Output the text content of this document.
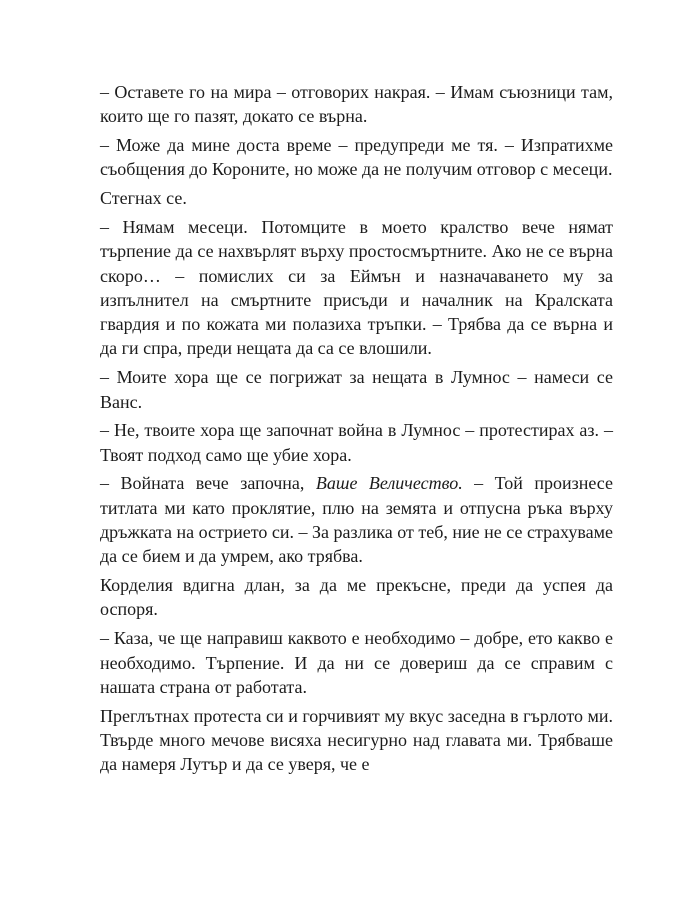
– Оставете го на мира – отговорих накрая. – Имам съюзници там, които ще го пазят, докато се върна.

– Може да мине доста време – предупреди ме тя. – Изпратихме съобщения до Короните, но може да не получим отговор с месеци.

Стегнах се.

– Нямам месеци. Потомците в моето кралство вече нямат търпение да се нахвърлят върху простосмъртните. Ако не се върна скоро… – помислих си за Еймън и назначаването му за изпълнител на смъртните присъди и началник на Кралската гвардия и по кожата ми полазиха тръпки. – Трябва да се върна и да ги спра, преди нещата да са се влошили.

– Моите хора ще се погрижат за нещата в Лумнос – намеси се Ванс.

– Не, твоите хора ще започнат война в Лумнос – протестирах аз. – Твоят подход само ще убие хора.

– Войната вече започна, Ваше Величество. – Той произнесе титлата ми като проклятие, плю на земята и отпусна ръка върху дръжката на острието си. – За разлика от теб, ние не се страхуваме да се бием и да умрем, ако трябва.

Корделия вдигна длан, за да ме прекъсне, преди да успея да оспоря.

– Каза, че ще направиш каквото е необходимо – добре, ето какво е необходимо. Търпение. И да ни се довериш да се справим с нашата страна от работата.

Преглътнах протеста си и горчивият му вкус заседна в гърлото ми. Твърде много мечове висяха несигурно над главата ми. Трябваше да намеря Лутър и да се уверя, че е
